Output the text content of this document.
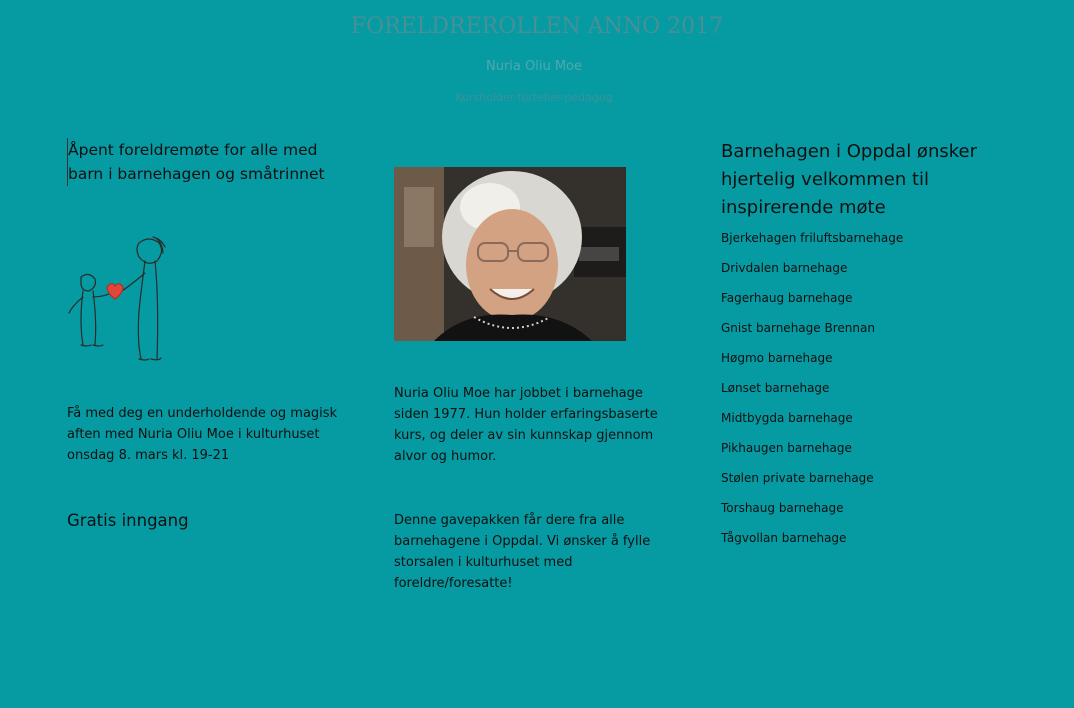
FORELDREROLLEN ANNO 2017
Nuria Oliu Moe
Kursholder-forteller-pedagog
Åpent foreldremøte for alle med
barn i barnehagen og småtrinnet

Få med deg en underholdende og magisk aften med Nuria Oliu Moe i kulturhuset onsdag 8. mars kl. 19-21

Gratis inngang

Nuria Oliu Moe har jobbet i barnehage siden 1977. Hun holder erfaringsbaserte kurs, og deler av sin kunnskap gjennom alvor og humor.

Denne gavepakken får dere fra alle barnehagene i Oppdal. Vi ønsker å fylle storsalen i kulturhuset med foreldre/foresatte!

Barnehagen i Oppdal ønsker hjertelig velkommen til inspirerende møte
Bjerkehagen friluftsbarnehage
Drivdalen barnehage
Fagerhaug barnehage
Gnist barnehage Brennan
Høgmo barnehage
Lønset barnehage
Midtbygda barnehage
Pikhaugen barnehage
Stølen private barnehage
Torshaug barnehage
Tågvollan barnehage
